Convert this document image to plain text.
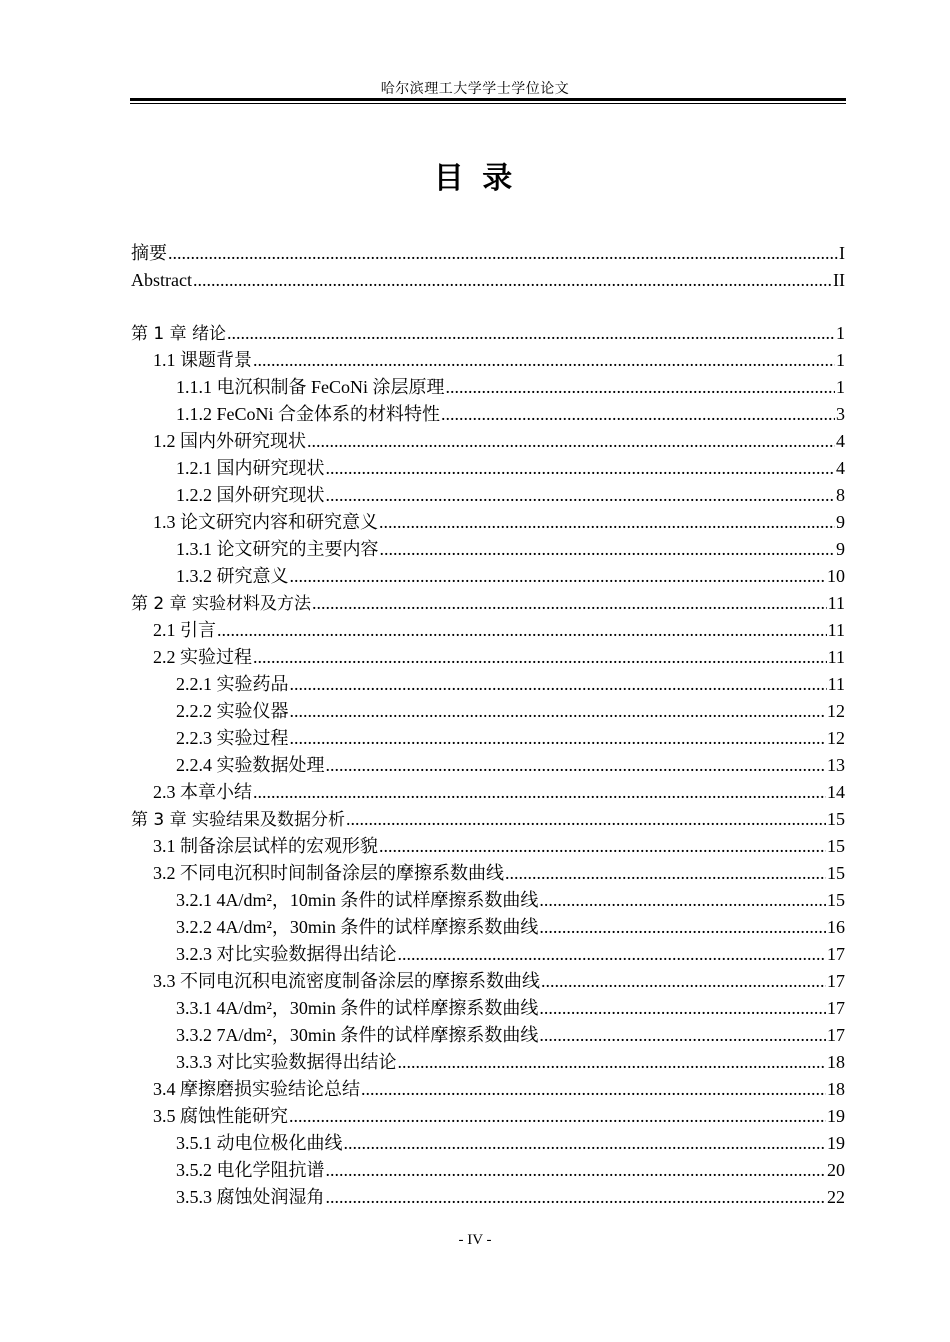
哈尔滨理工大学学士学位论文
目 录
摘要 .....	I
Abstract .....	II
第 1 章 绪论 .....	1
1.1 课题背景 .....	1
1.1.1 电沉积制备 FeCoNi 涂层原理 .....	1
1.1.2 FeCoNi 合金体系的材料特性 .....	3
1.2 国内外研究现状 .....	4
1.2.1 国内研究现状 .....	4
1.2.2 国外研究现状 .....	8
1.3 论文研究内容和研究意义 .....	9
1.3.1 论文研究的主要内容 .....	9
1.3.2 研究意义 .....	10
第 2 章 实验材料及方法 .....	11
2.1 引言 .....	11
2.2 实验过程 .....	11
2.2.1 实验药品 .....	11
2.2.2 实验仪器 .....	12
2.2.3 实验过程 .....	12
2.2.4 实验数据处理 .....	13
2.3 本章小结 .....	14
第 3 章 实验结果及数据分析 .....	15
3.1 制备涂层试样的宏观形貌 .....	15
3.2 不同电沉积时间制备涂层的摩擦系数曲线 .....	15
3.2.1 4A/dm²，10min 条件的试样摩擦系数曲线 .....	15
3.2.2 4A/dm²，30min 条件的试样摩擦系数曲线 .....	16
3.2.3 对比实验数据得出结论 .....	17
3.3 不同电沉积电流密度制备涂层的摩擦系数曲线 .....	17
3.3.1 4A/dm²，30min 条件的试样摩擦系数曲线 .....	17
3.3.2 7A/dm²，30min 条件的试样摩擦系数曲线 .....	17
3.3.3 对比实验数据得出结论 .....	18
3.4 摩擦磨损实验结论总结 .....	18
3.5 腐蚀性能研究 .....	19
3.5.1 动电位极化曲线 .....	19
3.5.2 电化学阻抗谱 .....	20
3.5.3 腐蚀处润湿角 .....	22
- IV -
